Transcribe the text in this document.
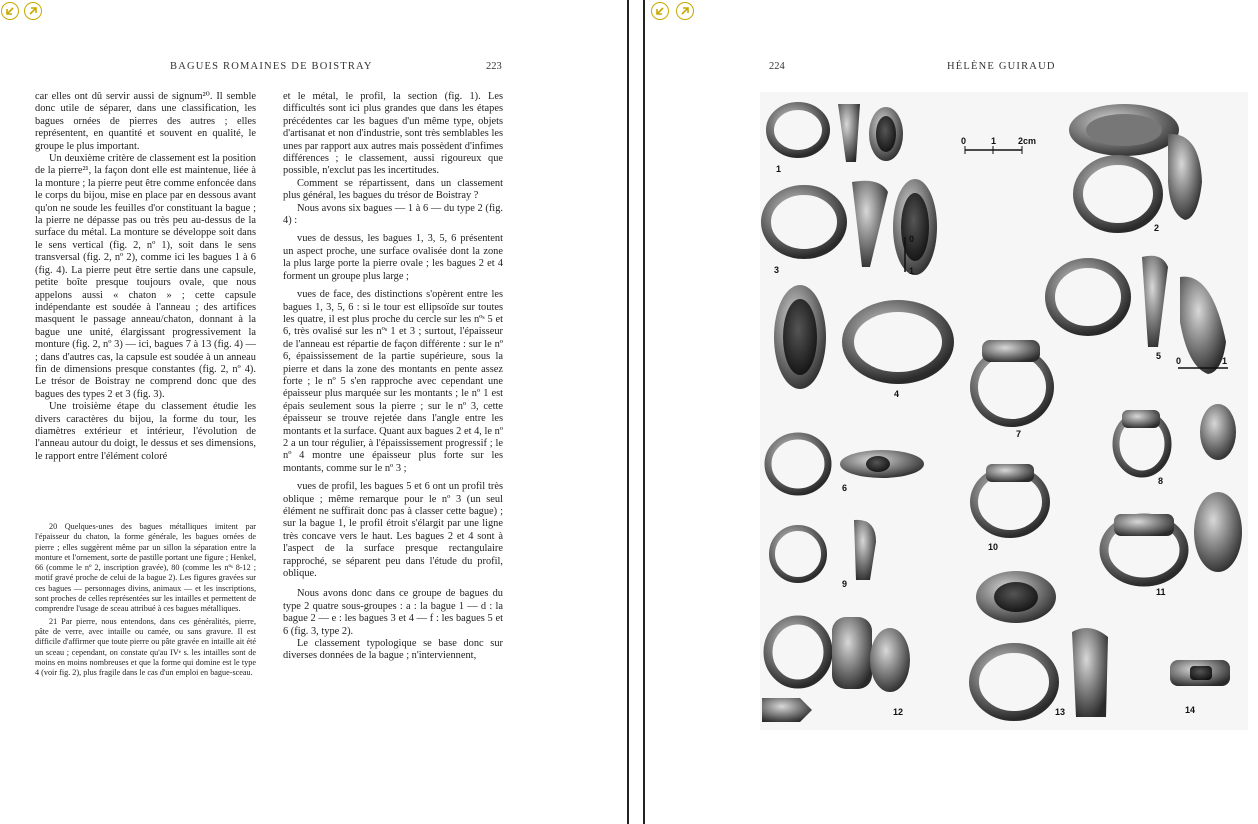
BAGUES ROMAINES DE BOISTRAY	223

car elles ont dû servir aussi de signum²⁰. Il semble donc utile de séparer, dans une classification, les bagues ornées de pierres des autres ; elles représentent, en quantité et souvent en qualité, le groupe le plus important.

Un deuxième critère de classement est la position de la pierre²¹, la façon dont elle est maintenue, liée à la monture ; la pierre peut être comme enfoncée dans le corps du bijou, mise en place par en dessous avant qu'on ne soude les feuilles d'or constituant la bague ; la pierre ne dépasse pas ou très peu au-dessus de la surface du métal. La monture se développe soit dans le sens vertical (fig. 2, nº 1), soit dans le sens transversal (fig. 2, nº 2), comme ici les bagues 1 à 6 (fig. 4). La pierre peut être sertie dans une capsule, petite boîte presque toujours ovale, que nous appelons aussi « chaton » ; cette capsule indépendante est soudée à l'anneau ; des artifices masquent le passage anneau/chaton, donnant à la bague une unité, élargissant progressivement la monture (fig. 2, nº 3) — ici, bagues 7 à 13 (fig. 4) — ; dans d'autres cas, la capsule est soudée à un anneau fin de dimensions presque constantes (fig. 2, nº 4). Le trésor de Boistray ne comprend donc que des bagues des types 2 et 3 (fig. 3).

Une troisième étape du classement étudie les divers caractères du bijou, la forme du tour, les diamètres extérieur et intérieur, l'évolution de l'anneau autour du doigt, le dessus et ses dimensions, le rapport entre l'élément coloré

et le métal, le profil, la section (fig. 1). Les difficultés sont ici plus grandes que dans les étapes précédentes car les bagues d'un même type, objets d'artisanat et non d'industrie, sont très semblables les unes par rapport aux autres mais possèdent d'infimes différences ; le classement, aussi rigoureux que possible, n'exclut pas les incertitudes.

Comment se répartissent, dans un classement plus général, les bagues du trésor de Boistray ?

Nous avons six bagues — 1 à 6 — du type 2 (fig. 4) :

vues de dessus, les bagues 1, 3, 5, 6 présentent un aspect proche, une surface ovalisée dont la zone la plus large porte la pierre ovale ; les bagues 2 et 4 forment un groupe plus large ;

vues de face, des distinctions s'opèrent entre les bagues 1, 3, 5, 6 : si le tour est ellipsoïde sur toutes les quatre, il est plus proche du cercle sur les nºˢ 5 et 6, très ovalisé sur les nºˢ 1 et 3 ; surtout, l'épaisseur de l'anneau est répartie de façon différente : sur le nº 6, épaississement de la partie supérieure, sous la pierre et dans la zone des montants en pente assez forte ; le nº 5 s'en rapproche avec cependant une épaisseur plus marquée sur les montants ; le nº 1 est épais seulement sous la pierre ; sur le nº 3, cette épaisseur se trouve rejetée dans l'angle entre les montants et la surface. Quant aux bagues 2 et 4, le nº 2 a un tour régulier, à l'épaississement progressif ; le nº 4 montre une épaisseur plus forte sur les montants, comme sur le nº 3 ;

vues de profil, les bagues 5 et 6 ont un profil très oblique ; même remarque pour le nº 3 (un seul élément ne suffirait donc pas à classer cette bague) ; sur la bague 1, le profil étroit s'élargit par une ligne très concave vers le haut. Les bagues 2 et 4 sont à l'aspect de la surface presque rectangulaire rapproché, se séparent peu dans l'étude du profil, oblique.

Nous avons donc dans ce groupe de bagues du type 2 quatre sous-groupes : a : la bague 1 — d : la bague 2 — e : les bagues 3 et 4 — f : les bagues 5 et 6 (fig. 3, type 2).

Le classement typologique se base donc sur diverses données de la bague ; n'interviennent,

20 Quelques-unes des bagues métalliques imitent par l'épaisseur du chaton, la forme générale, les bagues ornées de pierre ; elles suggèrent même par un sillon la séparation entre la monture et l'ornement, sorte de pastille portant une figure ; Henkel, 66 (comme le nº 2, inscription gravée), 80 (comme les nºˢ 8-12 ; motif gravé proche de celui de la bague 2). Les figures gravées sur ces bagues — personnages divins, animaux — et les inscriptions, sont proches de celles représentées sur les intailles et permettent de comprendre l'usage de sceau attribué à ces bagues métalliques.

21 Par pierre, nous entendons, dans ces généralités, pierre, pâte de verre, avec intaille ou camée, ou sans gravure. Il est difficile d'affirmer que toute pierre ou pâte gravée en intaille ait été un sceau ; cependant, on constate qu'au IVᵉ s. les intailles sont de moins en moins nombreuses et que la forme qui domine est le type 4 (voir fig. 2), plus fragile dans le cas d'un emploi en bague-sceau.

224	HÉLÈNE GUIRAUD
0	1 2cm
0
1
0	1
1
2
3
4
5
6
7
8
9
10
11
12	13	14
